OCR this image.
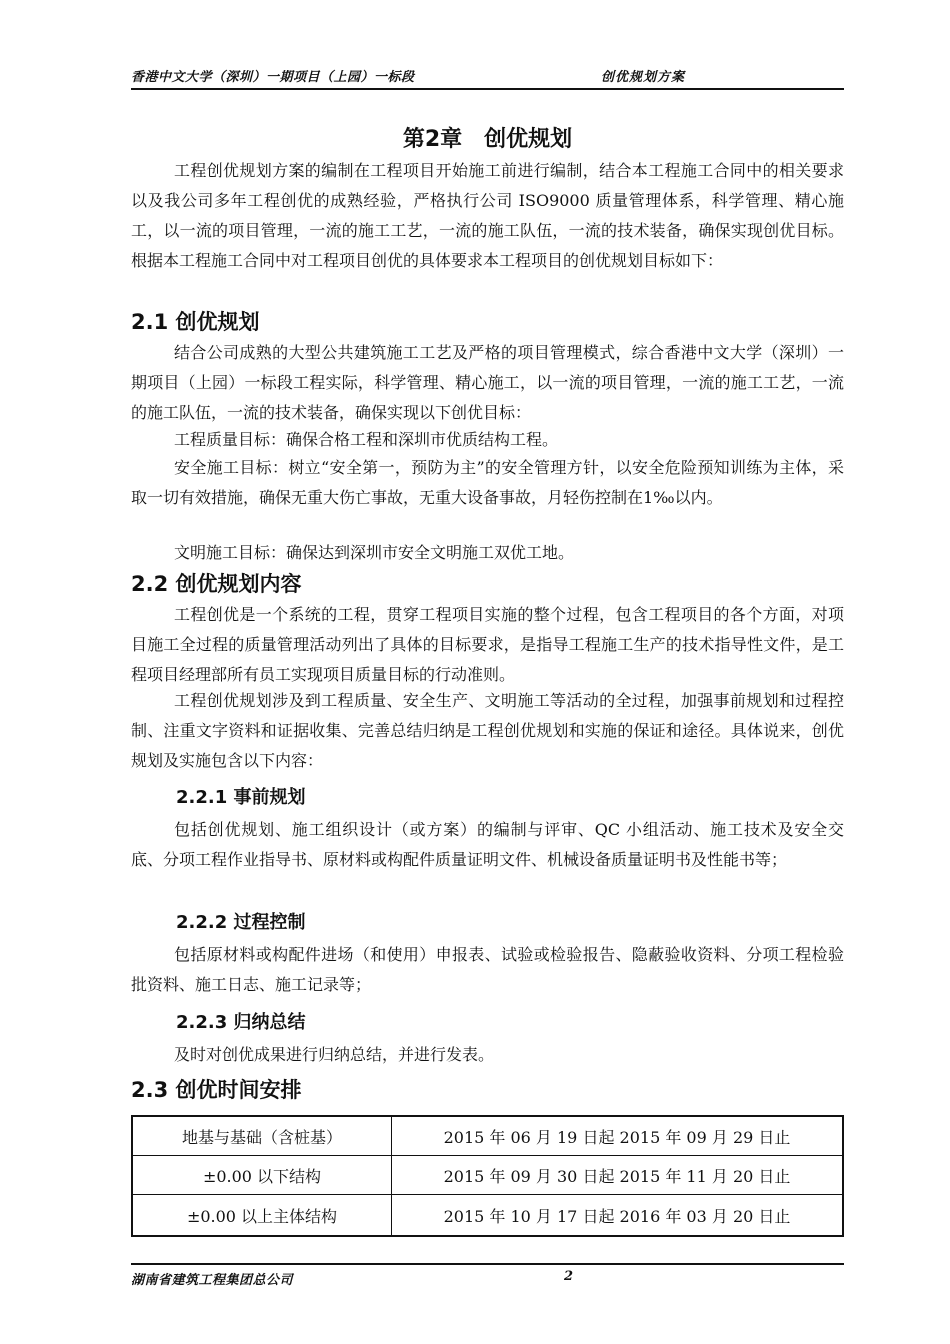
香港中文大学（深圳）一期项目（上园）一标段	创优规划方案
第2章　创优规划

工程创优规划方案的编制在工程项目开始施工前进行编制，结合本工程施工合同中的相关要求以及我公司多年工程创优的成熟经验，严格执行公司 ISO9000 质量管理体系，科学管理、精心施工，以一流的项目管理，一流的施工工艺，一流的施工队伍，一流的技术装备，确保实现创优目标。根据本工程施工合同中对工程项目创优的具体要求本工程项目的创优规划目标如下：

2.1 创优规划

结合公司成熟的大型公共建筑施工工艺及严格的项目管理模式，综合香港中文大学（深圳）一期项目（上园）一标段工程实际，科学管理、精心施工，以一流的项目管理，一流的施工工艺，一流的施工队伍，一流的技术装备，确保实现以下创优目标：

工程质量目标：确保合格工程和深圳市优质结构工程。

安全施工目标：树立“安全第一，预防为主”的安全管理方针，以安全危险预知训练为主体，采取一切有效措施，确保无重大伤亡事故，无重大设备事故，月轻伤控制在1‰以内。

文明施工目标：确保达到深圳市安全文明施工双优工地。

2.2 创优规划内容

工程创优是一个系统的工程，贯穿工程项目实施的整个过程，包含工程项目的各个方面，对项目施工全过程的质量管理活动列出了具体的目标要求，是指导工程施工生产的技术指导性文件，是工程项目经理部所有员工实现项目质量目标的行动准则。

工程创优规划涉及到工程质量、安全生产、文明施工等活动的全过程，加强事前规划和过程控制、注重文字资料和证据收集、完善总结归纳是工程创优规划和实施的保证和途径。具体说来，创优规划及实施包含以下内容：

2.2.1 事前规划

包括创优规划、施工组织设计（或方案）的编制与评审、QC 小组活动、施工技术及安全交底、分项工程作业指导书、原材料或构配件质量证明文件、机械设备质量证明书及性能书等；

2.2.2 过程控制

包括原材料或构配件进场（和使用）申报表、试验或检验报告、隐蔽验收资料、分项工程检验批资料、施工日志、施工记录等；

2.2.3 归纳总结

及时对创优成果进行归纳总结，并进行发表。

2.3 创优时间安排
地基与基础（含桩基）	2015 年 06 月 19 日起 2015 年 09 月 29 日止
±0.00 以下结构	2015 年 09 月 30 日起 2015 年 11 月 20 日止
±0.00 以上主体结构	2015 年 10 月 17 日起 2016 年 03 月 20 日止
湖南省建筑工程集团总公司	2
